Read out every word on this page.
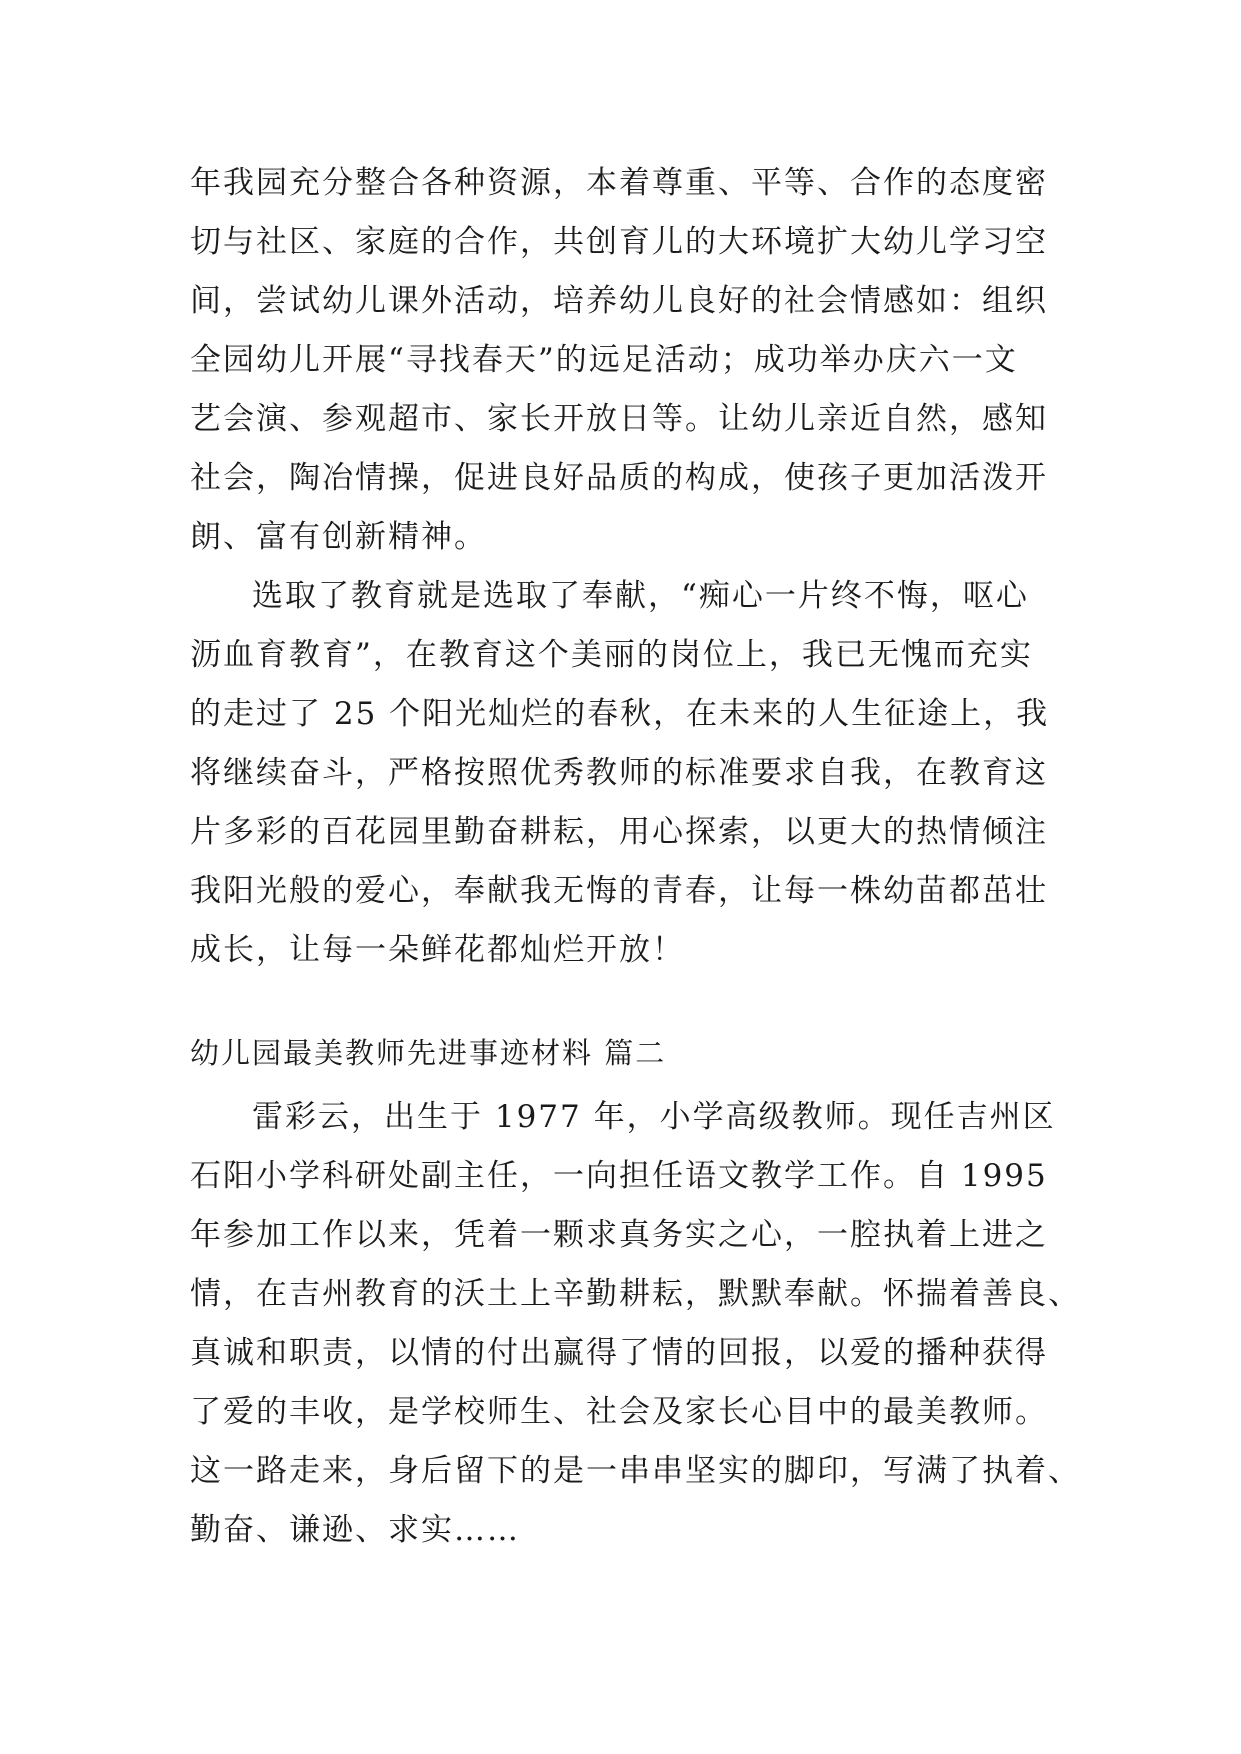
年我园充分整合各种资源，本着尊重、平等、合作的态度密
切与社区、家庭的合作，共创育儿的大环境扩大幼儿学习空
间，尝试幼儿课外活动，培养幼儿良好的社会情感如：组织
全园幼儿开展“寻找春天”的远足活动；成功举办庆六一文
艺会演、参观超市、家长开放日等。让幼儿亲近自然，感知
社会，陶冶情操，促进良好品质的构成，使孩子更加活泼开
朗、富有创新精神。
选取了教育就是选取了奉献，“痴心一片终不悔，呕心
沥血育教育”，在教育这个美丽的岗位上，我已无愧而充实
的走过了 25 个阳光灿烂的春秋，在未来的人生征途上，我
将继续奋斗，严格按照优秀教师的标准要求自我，在教育这
片多彩的百花园里勤奋耕耘，用心探索，以更大的热情倾注
我阳光般的爱心，奉献我无悔的青春，让每一株幼苗都茁壮
成长，让每一朵鲜花都灿烂开放！
幼儿园最美教师先进事迹材料 篇二
雷彩云，出生于 1977 年，小学高级教师。现任吉州区
石阳小学科研处副主任，一向担任语文教学工作。自 1995
年参加工作以来，凭着一颗求真务实之心，一腔执着上进之
情，在吉州教育的沃土上辛勤耕耘，默默奉献。怀揣着善良、
真诚和职责，以情的付出赢得了情的回报，以爱的播种获得
了爱的丰收，是学校师生、社会及家长心目中的最美教师。
这一路走来，身后留下的是一串串坚实的脚印，写满了执着、
勤奋、谦逊、求实……
